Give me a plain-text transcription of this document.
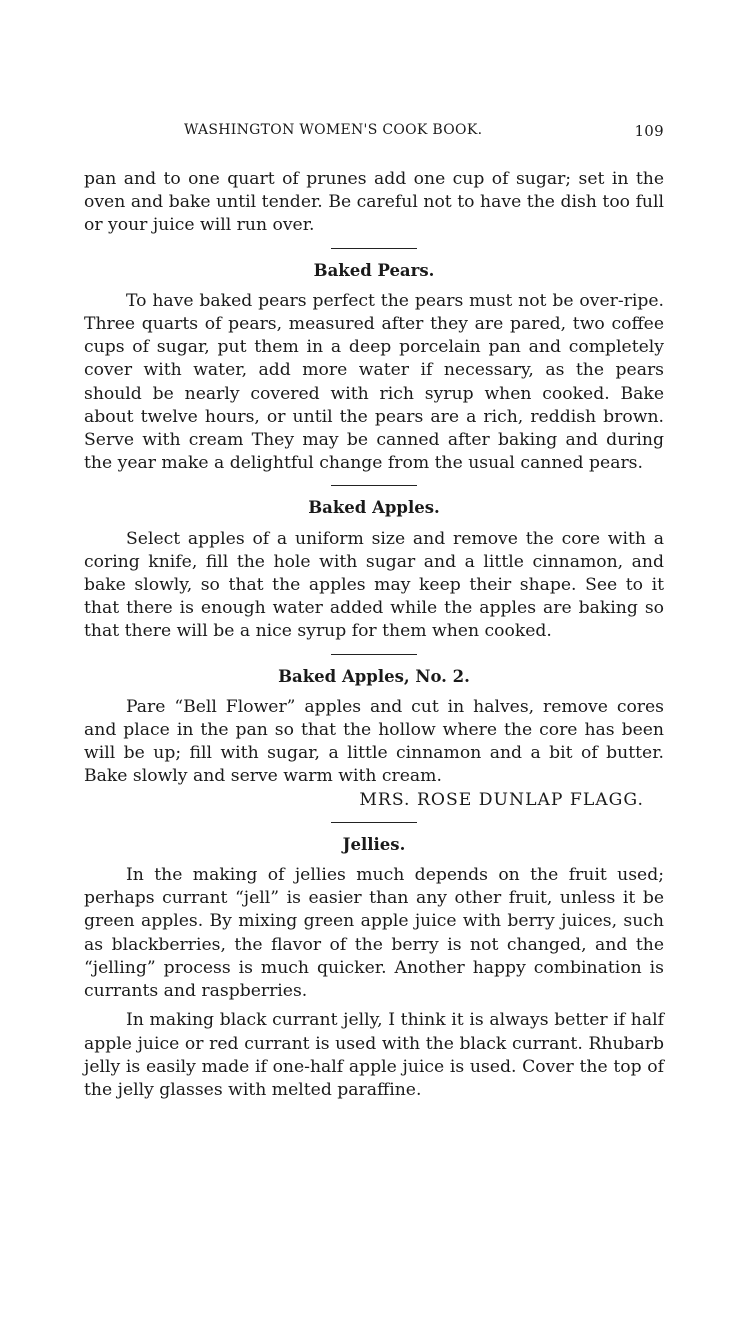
WASHINGTON WOMEN'S COOK BOOK.	109

pan and to one quart of prunes add one cup of sugar; set in the oven and bake until tender. Be careful not to have the dish too full or your juice will run over.

Baked Pears.

To have baked pears perfect the pears must not be over-ripe. Three quarts of pears, measured after they are pared, two coffee cups of sugar, put them in a deep porcelain pan and completely cover with water, add more water if necessary, as the pears should be nearly covered with rich syrup when cooked. Bake about twelve hours, or until the pears are a rich, reddish brown. Serve with cream They may be canned after baking and during the year make a delightful change from the usual canned pears.

Baked Apples.

Select apples of a uniform size and remove the core with a coring knife, fill the hole with sugar and a little cinnamon, and bake slowly, so that the apples may keep their shape. See to it that there is enough water added while the apples are baking so that there will be a nice syrup for them when cooked.

Baked Apples, No. 2.

Pare “Bell Flower” apples and cut in halves, remove cores and place in the pan so that the hollow where the core has been will be up; fill with sugar, a little cinnamon and a bit of butter. Bake slowly and serve warm with cream.

MRS. ROSE DUNLAP FLAGG.

Jellies.

In the making of jellies much depends on the fruit used; perhaps currant “jell” is easier than any other fruit, unless it be green apples. By mixing green apple juice with berry juices, such as blackberries, the flavor of the berry is not changed, and the “jelling” process is much quicker. Another happy combination is currants and raspberries.

In making black currant jelly, I think it is always better if half apple juice or red currant is used with the black currant. Rhubarb jelly is easily made if one-half apple juice is used. Cover the top of the jelly glasses with melted paraffine.
